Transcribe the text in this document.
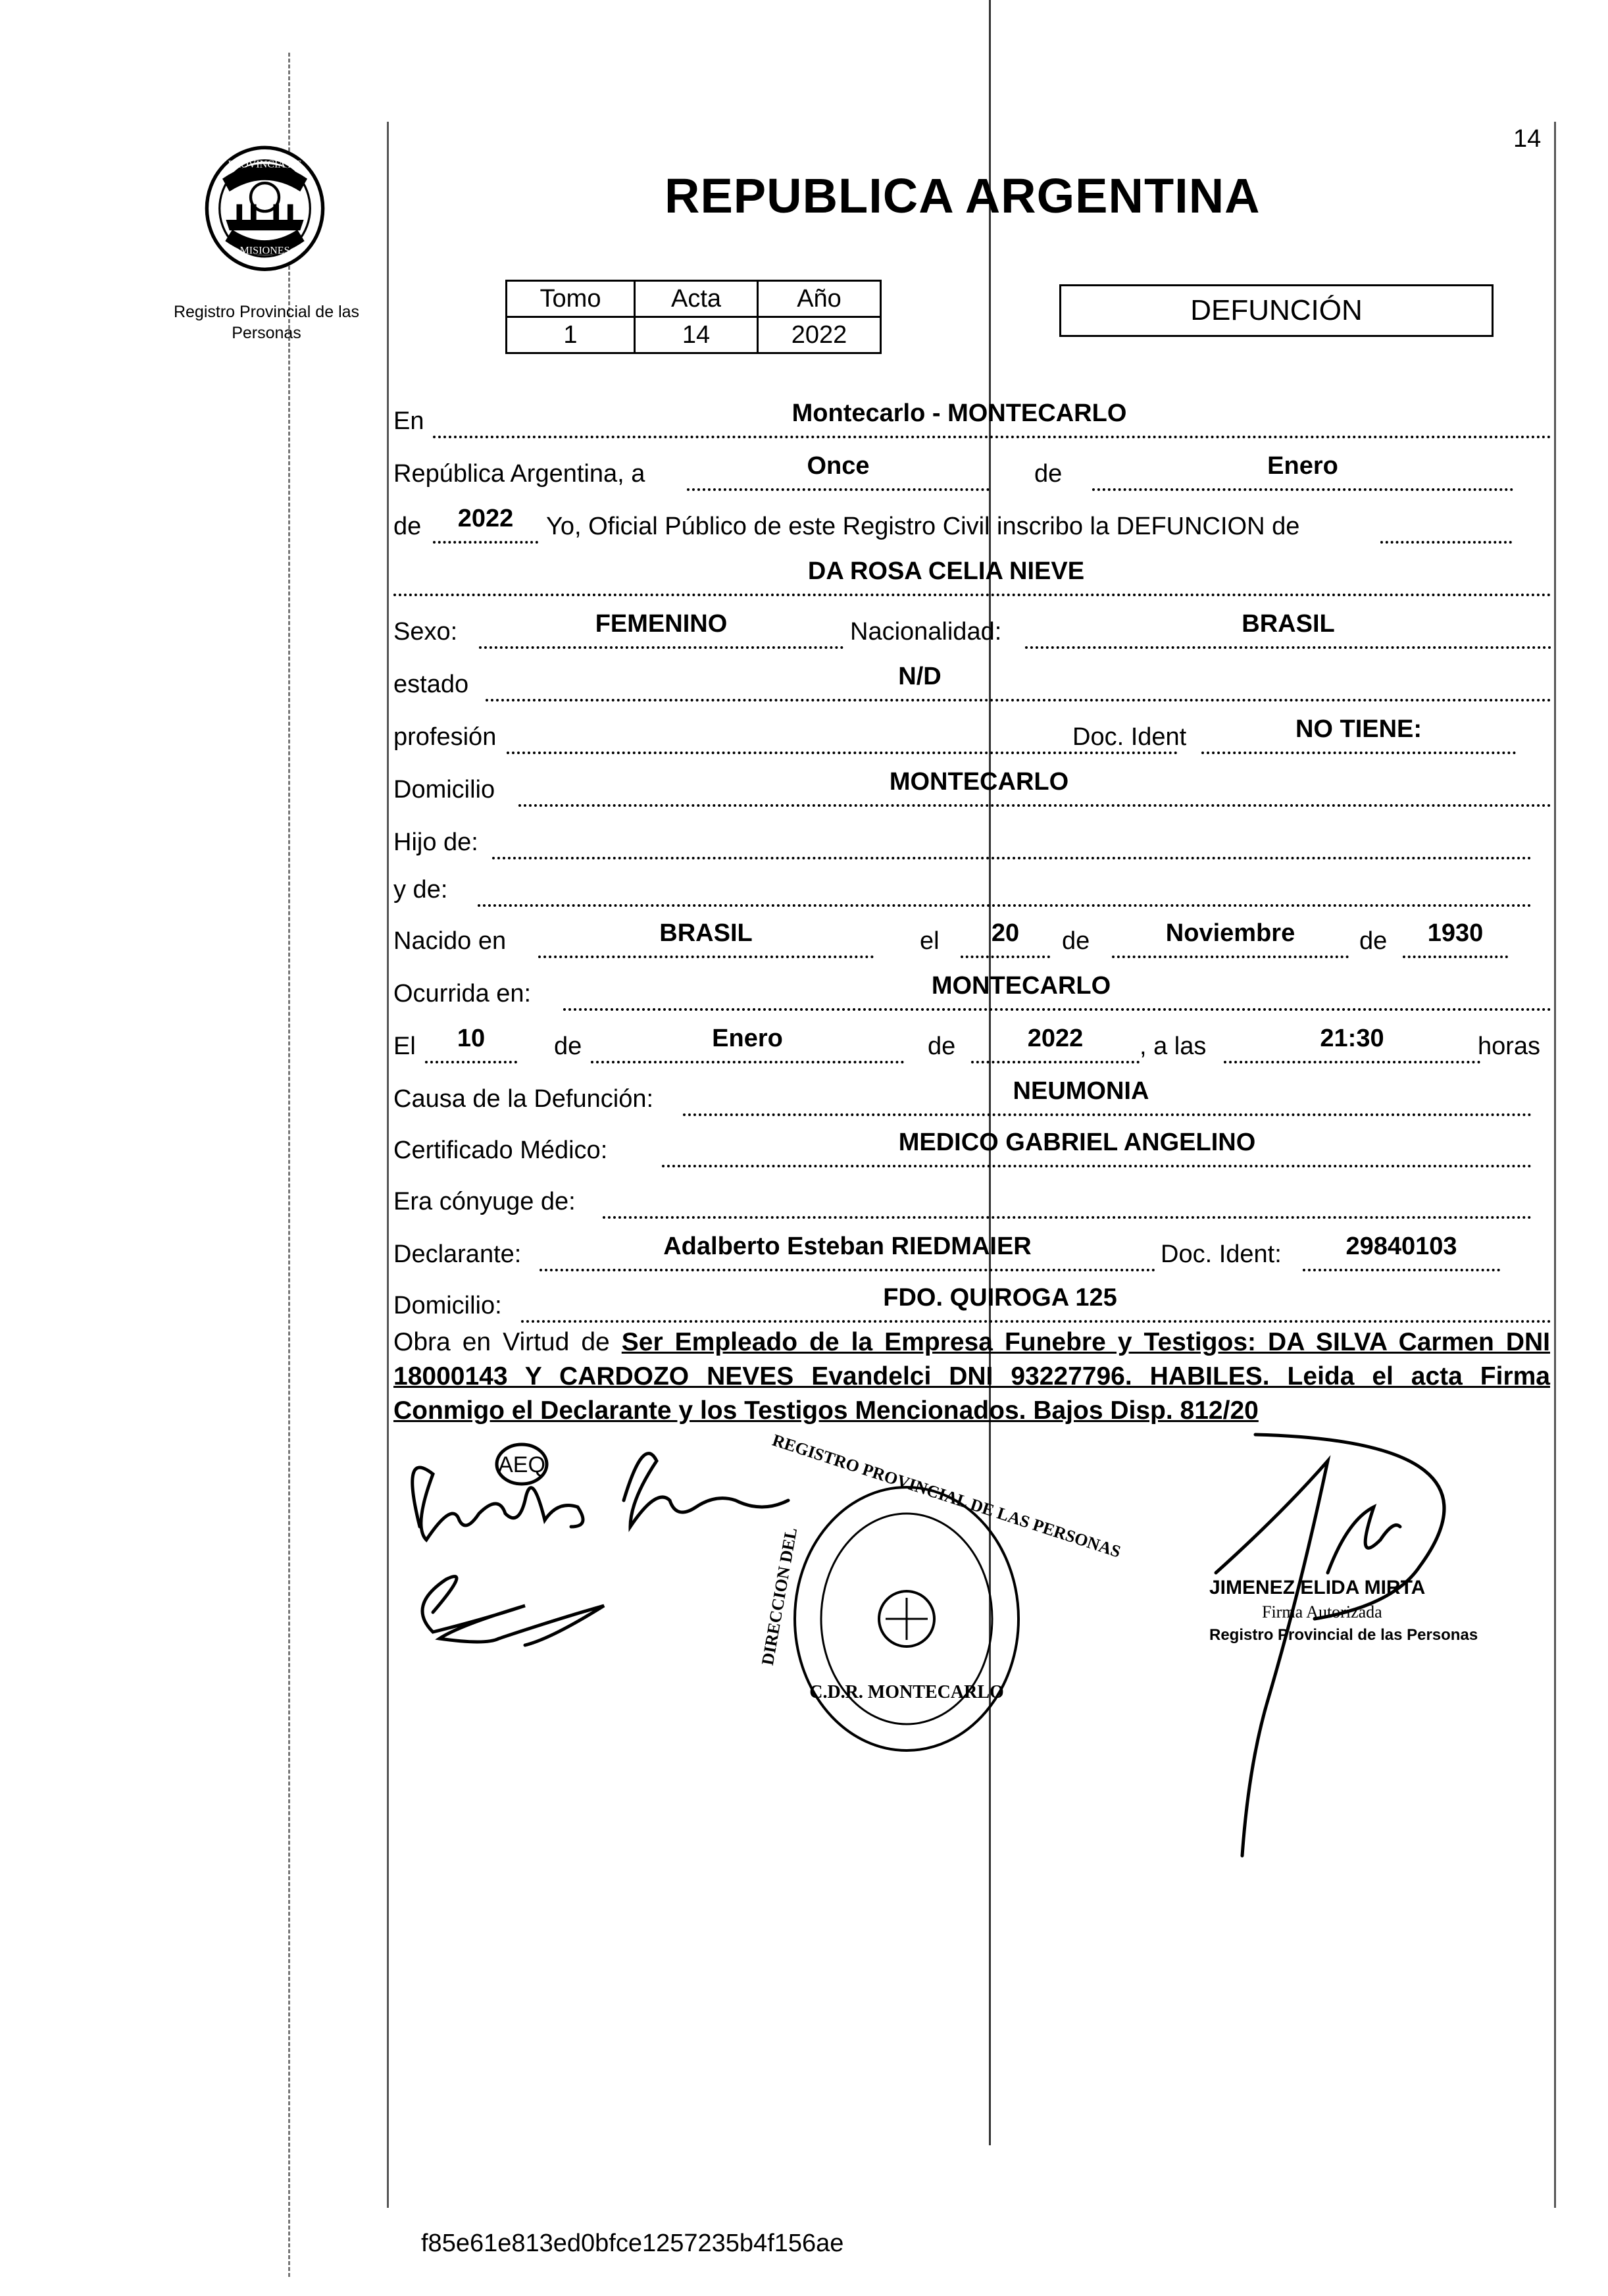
14
PROVINCIA DE
MISIONES
Registro Provincial de las Personas
REPUBLICA ARGENTINA
Tomo	Acta	Año
1	14	2022
DEFUNCIÓN
En	Montecarlo - MONTECARLO
República Argentina, a	Once	de	Enero
de	2022	Yo, Oficial Público de este Registro Civil inscribo la DEFUNCION de
DA ROSA CELIA NIEVE
Sexo:	FEMENINO	Nacionalidad:	BRASIL
estado	N/D
profesión	Doc. Ident	NO TIENE:
Domicilio	MONTECARLO
Hijo de:
y de:
Nacido en	BRASIL	el	20	de	Noviembre	de	1930
Ocurrida en:	MONTECARLO
El	10	de	Enero	de	2022	, a las	21:30	horas
Causa de la Defunción:	NEUMONIA
Certificado Médico:	MEDICO GABRIEL ANGELINO
Era cónyuge de:
Declarante:	Adalberto Esteban RIEDMAIER	Doc. Ident:	29840103
Domicilio:	FDO. QUIROGA 125
Obra en Virtud de Ser Empleado de la Empresa Funebre y Testigos: DA SILVA Carmen DNI 18000143 Y CARDOZO NEVES Evandelci DNI 93227796. HABILES. Leida el acta Firma Conmigo el Declarante y los Testigos Mencionados. Bajos Disp. 812/20
AEQ	REGISTRO PROVINCIAL DE LAS PERSONAS
DIRECCION DEL
C.D.R. MONTECARLO
JIMENEZ ELIDA MIRTA
Firma Autorizada
Registro Provincial de las Personas
f85e61e813ed0bfce1257235b4f156ae
